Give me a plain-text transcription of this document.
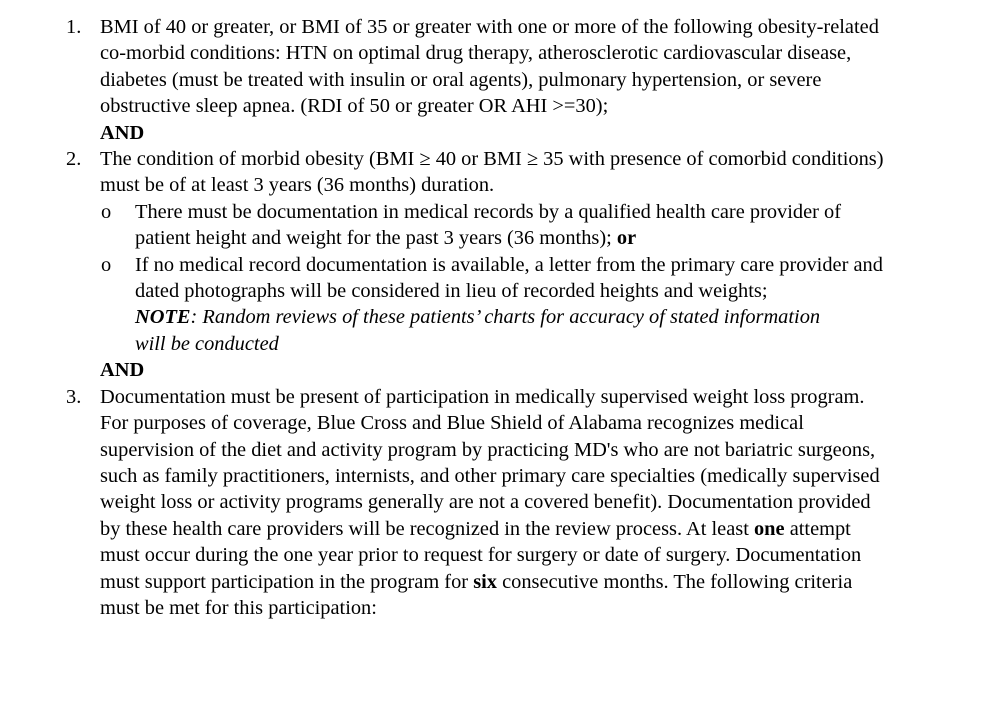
1. BMI of 40 or greater, or BMI of 35 or greater with one or more of the following obesity-related co-morbid conditions: HTN on optimal drug therapy, atherosclerotic cardiovascular disease, diabetes (must be treated with insulin or oral agents), pulmonary hypertension, or severe obstructive sleep apnea. (RDI of 50 or greater OR AHI >=30);

AND

2. The condition of morbid obesity (BMI ≥ 40 or BMI ≥ 35 with presence of comorbid conditions) must be of at least 3 years (36 months) duration.

o There must be documentation in medical records by a qualified health care provider of patient height and weight for the past 3 years (36 months); or
o If no medical record documentation is available, a letter from the primary care provider and dated photographs will be considered in lieu of recorded heights and weights;

NOTE: Random reviews of these patients’ charts for accuracy of stated information will be conducted

AND

3. Documentation must be present of participation in medically supervised weight loss program. For purposes of coverage, Blue Cross and Blue Shield of Alabama recognizes medical supervision of the diet and activity program by practicing MD's who are not bariatric surgeons, such as family practitioners, internists, and other primary care specialties (medically supervised weight loss or activity programs generally are not a covered benefit). Documentation provided by these health care providers will be recognized in the review process. At least one attempt must occur during the one year prior to request for surgery or date of surgery. Documentation must support participation in the program for six consecutive months. The following criteria must be met for this participation:
